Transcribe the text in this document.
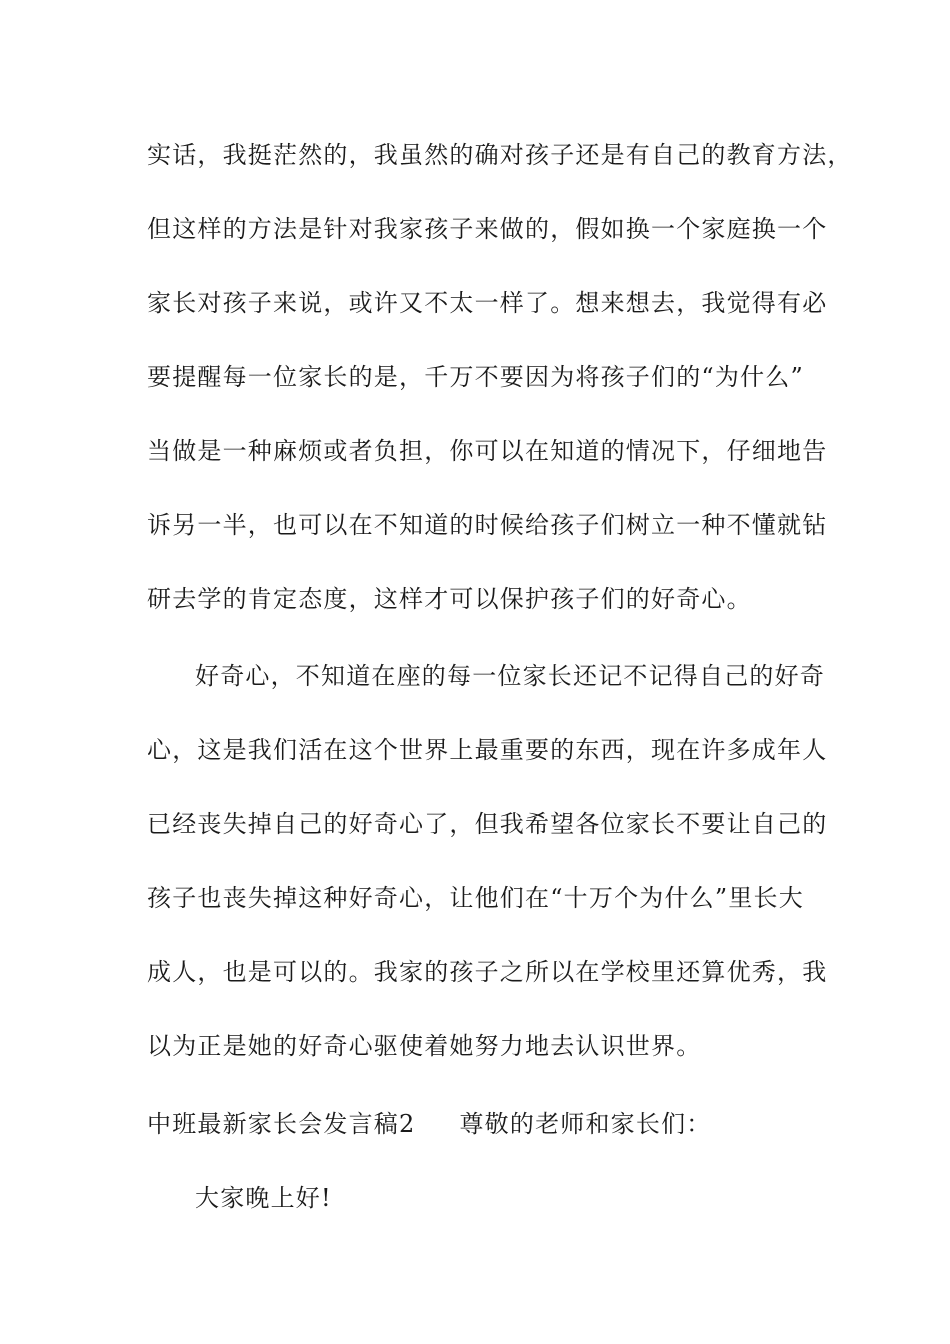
实话，我挺茫然的，我虽然的确对孩子还是有自己的教育方法，
但这样的方法是针对我家孩子来做的，假如换一个家庭换一个
家长对孩子来说，或许又不太一样了。想来想去，我觉得有必
要提醒每一位家长的是，千万不要因为将孩子们的“为什么”
当做是一种麻烦或者负担，你可以在知道的情况下，仔细地告
诉另一半，也可以在不知道的时候给孩子们树立一种不懂就钻
研去学的肯定态度，这样才可以保护孩子们的好奇心。
好奇心，不知道在座的每一位家长还记不记得自己的好奇
心，这是我们活在这个世界上最重要的东西，现在许多成年人
已经丧失掉自己的好奇心了，但我希望各位家长不要让自己的
孩子也丧失掉这种好奇心，让他们在“十万个为什么”里长大
成人，也是可以的。我家的孩子之所以在学校里还算优秀，我
以为正是她的好奇心驱使着她努力地去认识世界。
中班最新家长会发言稿2 尊敬的老师和家长们：
大家晚上好!
